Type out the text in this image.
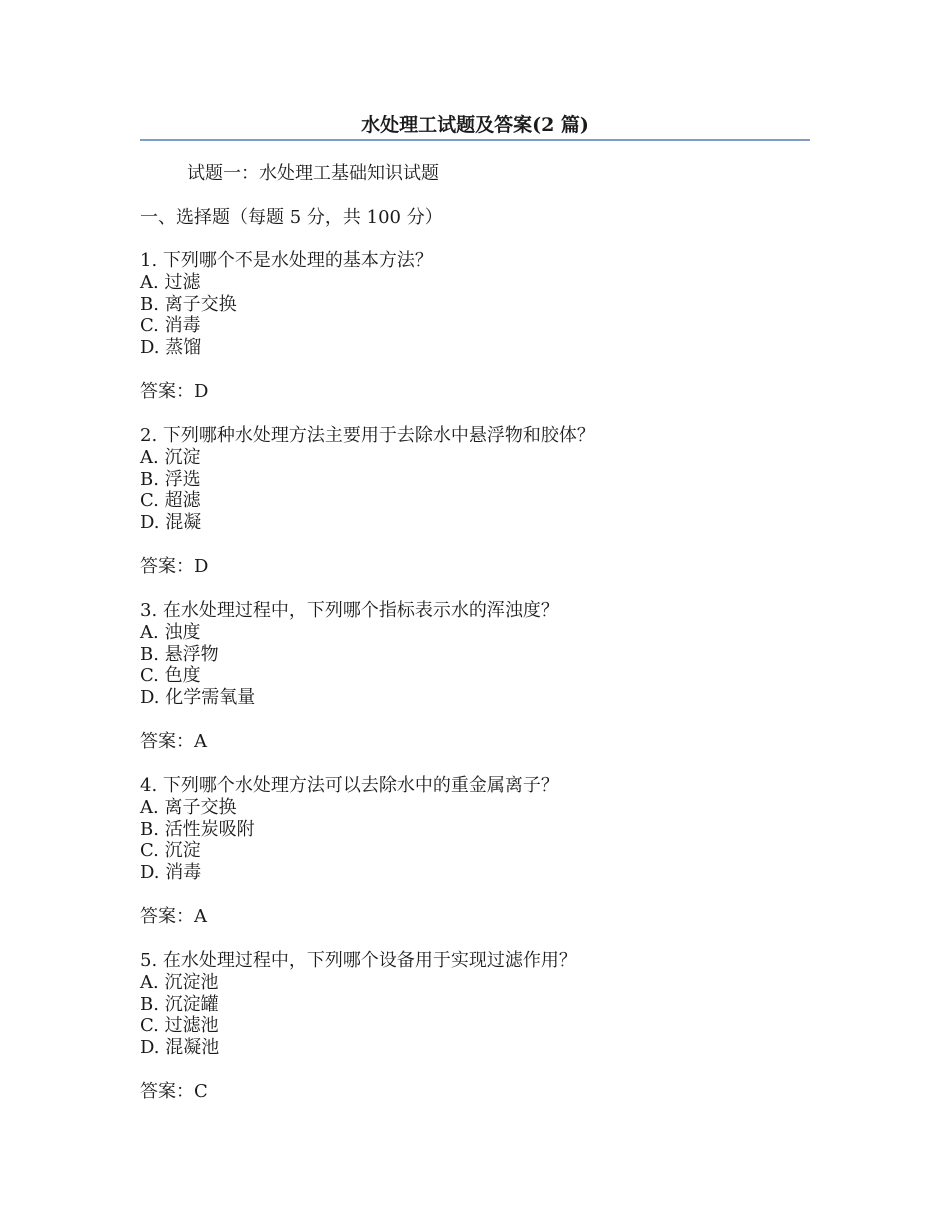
水处理工试题及答案(2 篇)
试题一：水处理工基础知识试题
一、选择题（每题 5 分，共 100 分）
1. 下列哪个不是水处理的基本方法？
A. 过滤
B. 离子交换
C. 消毒
D. 蒸馏
答案：D
2. 下列哪种水处理方法主要用于去除水中悬浮物和胶体？
A. 沉淀
B. 浮选
C. 超滤
D. 混凝
答案：D
3. 在水处理过程中，下列哪个指标表示水的浑浊度？
A. 浊度
B. 悬浮物
C. 色度
D. 化学需氧量
答案：A
4. 下列哪个水处理方法可以去除水中的重金属离子？
A. 离子交换
B. 活性炭吸附
C. 沉淀
D. 消毒
答案：A
5. 在水处理过程中，下列哪个设备用于实现过滤作用？
A. 沉淀池
B. 沉淀罐
C. 过滤池
D. 混凝池
答案：C
